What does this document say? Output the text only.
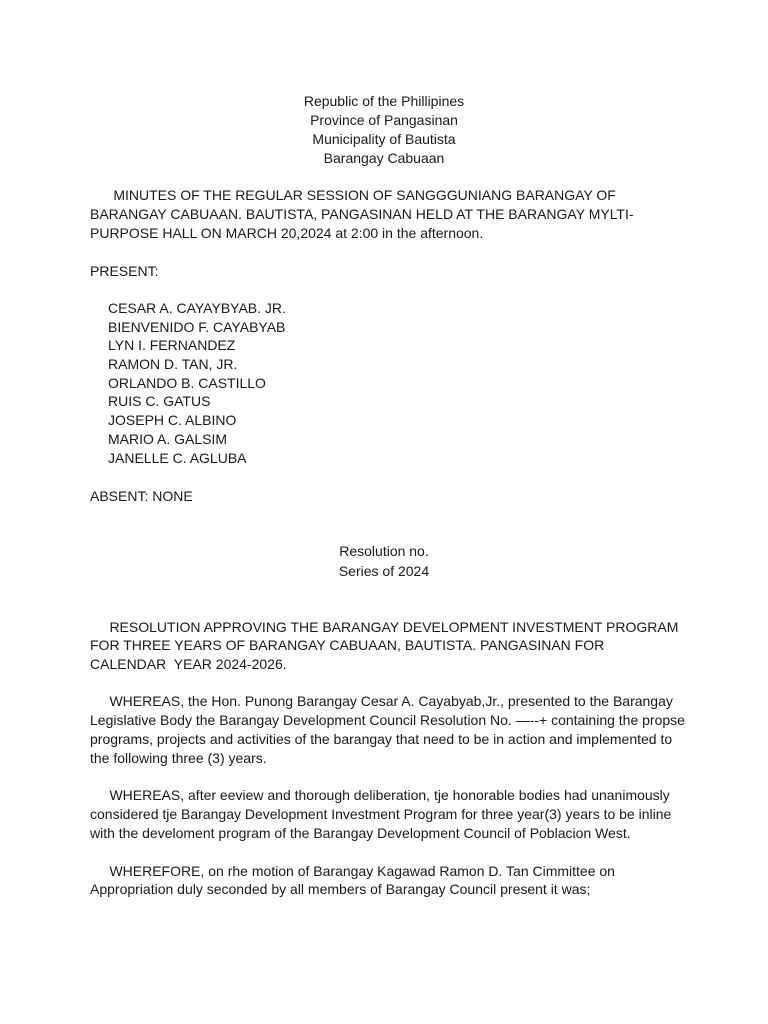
Republic of the Phillipines
Province of Pangasinan
Municipality of Bautista
Barangay Cabuaan
MINUTES OF THE REGULAR SESSION OF SANGGGUNIANG BARANGAY OF
BARANGAY CABUAAN. BAUTISTA, PANGASINAN HELD AT THE BARANGAY MYLTI-
PURPOSE HALL ON MARCH 20,2024 at 2:00 in the afternoon.
PRESENT:
CESAR A. CAYAYBYAB. JR.
BIENVENIDO F. CAYABYAB
LYN I. FERNANDEZ
RAMON D. TAN, JR.
ORLANDO B. CASTILLO
RUIS C. GATUS
JOSEPH C. ALBINO
MARIO A. GALSIM
JANELLE C. AGLUBA
ABSENT: NONE
Resolution no.
Series of 2024
RESOLUTION APPROVING THE BARANGAY DEVELOPMENT INVESTMENT PROGRAM
FOR THREE YEARS OF BARANGAY CABUAAN, BAUTISTA. PANGASINAN FOR
CALENDAR  YEAR 2024-2026.
WHEREAS, the Hon. Punong Barangay Cesar A. Cayabyab,Jr., presented to the Barangay
Legislative Body the Barangay Development Council Resolution No. —--+ containing the propse
programs, projects and activities of the barangay that need to be in action and implemented to
the following three (3) years.
WHEREAS, after eeview and thorough deliberation, tje honorable bodies had unanimously
considered tje Barangay Development Investment Program for three year(3) years to be inline
with the develoment program of the Barangay Development Council of Poblacion West.
WHEREFORE, on rhe motion of Barangay Kagawad Ramon D. Tan Cimmittee on
Appropriation duly seconded by all members of Barangay Council present it was;
